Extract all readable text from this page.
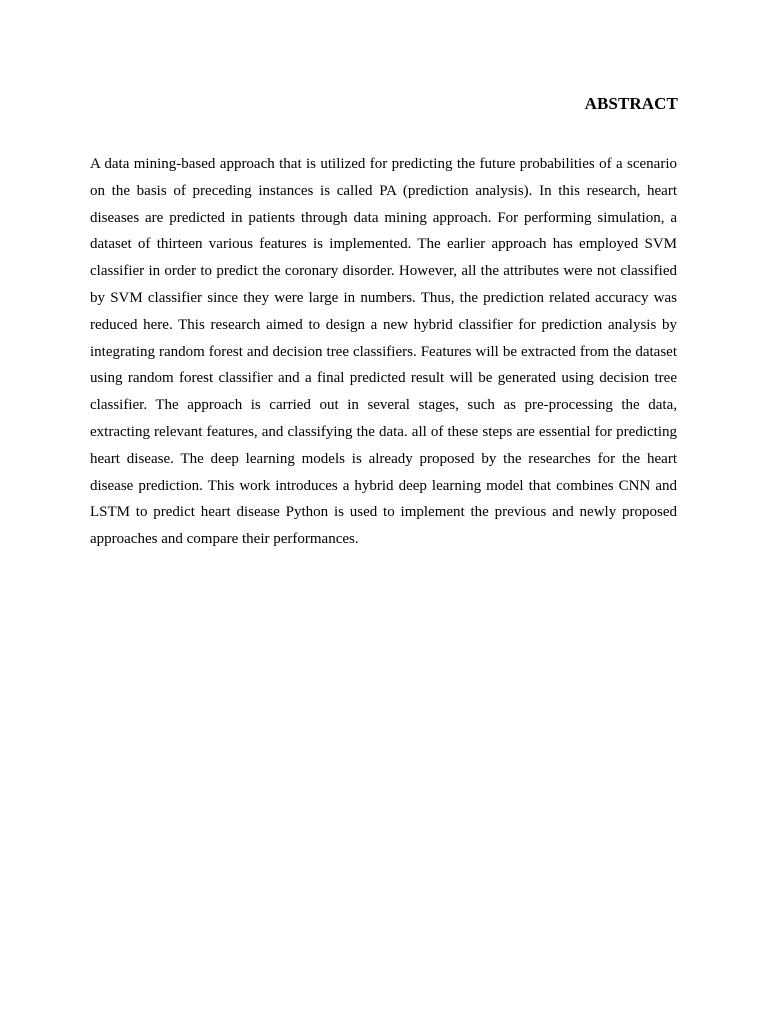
ABSTRACT
A data mining-based approach that is utilized for predicting the future probabilities of a scenario
on the basis of preceding instances is called PA (prediction analysis). In this research, heart
diseases are predicted in patients through data mining approach. For performing simulation, a
dataset of thirteen various features is implemented. The earlier approach has employed SVM
classifier in order to predict the coronary disorder. However, all the attributes were not classified
by SVM classifier since they were large in numbers. Thus, the prediction related accuracy was
reduced here. This research aimed to design a new hybrid classifier for prediction analysis by
integrating random forest and decision tree classifiers. Features will be extracted from the dataset
using random forest classifier and a final predicted result will be generated using decision tree
classifier. The approach is carried out in several stages, such as pre-processing the data,
extracting relevant features, and classifying the data. all of these steps are essential for predicting
heart disease. The deep learning models is already proposed by the researches for the heart
disease prediction. This work introduces a hybrid deep learning model that combines CNN and
LSTM to predict heart disease Python is used to implement the previous and newly proposed
approaches and compare their performances.
